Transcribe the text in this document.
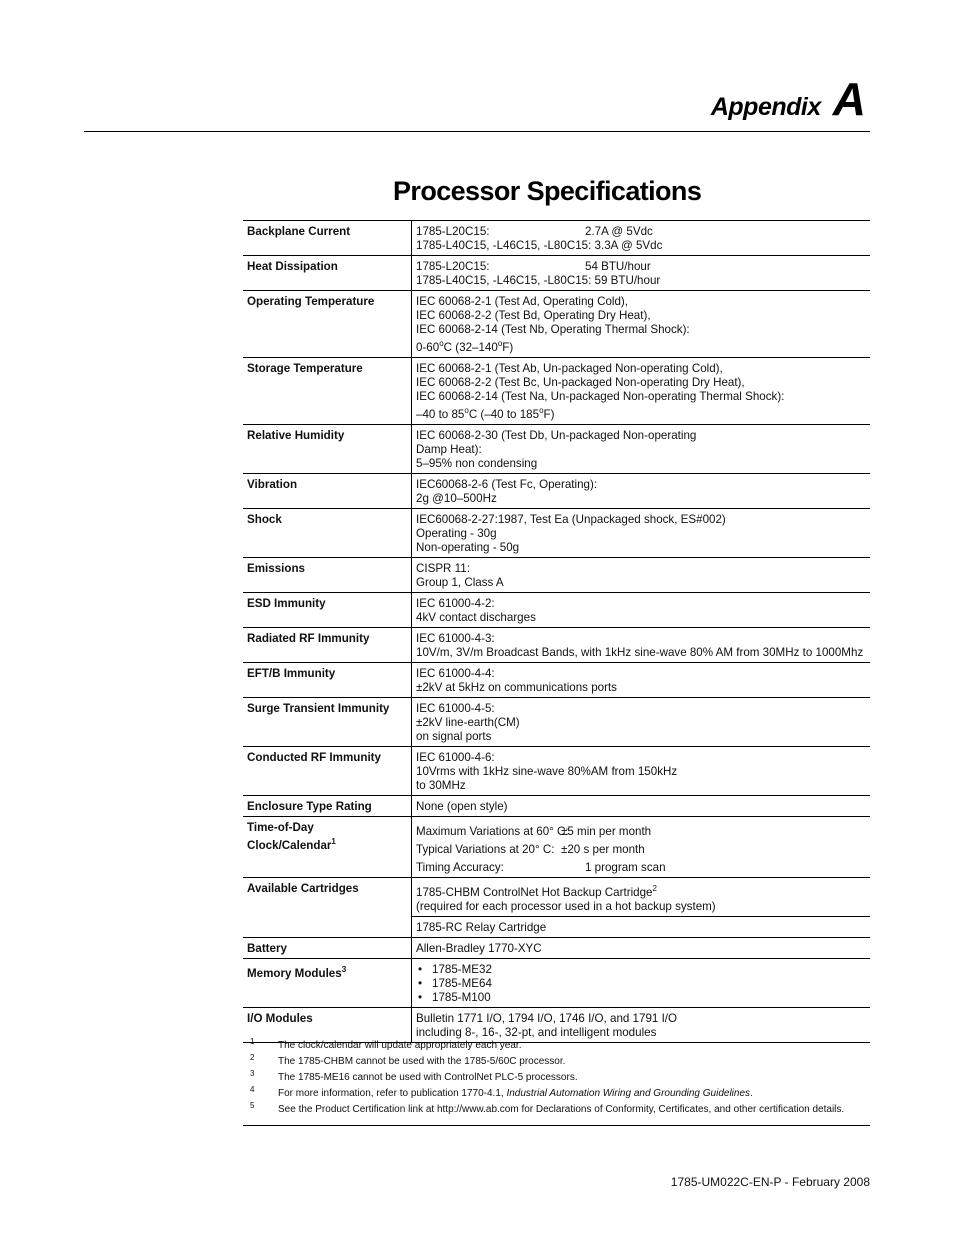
Appendix A
Processor Specifications
Backplane Current	1785-L20C15: 2.7A @ 5Vdc
1785-L40C15, -L46C15, -L80C15: 3.3A @ 5Vdc

Heat Dissipation	1785-L20C15: 54 BTU/hour
1785-L40C15, -L46C15, -L80C15: 59 BTU/hour

Operating Temperature	IEC 60068-2-1 (Test Ad, Operating Cold),
IEC 60068-2-2 (Test Bd, Operating Dry Heat),
IEC 60068-2-14 (Test Nb, Operating Thermal Shock):
0-60$^o$C (32–140$^o$F)

Storage Temperature	IEC 60068-2-1 (Test Ab, Un-packaged Non-operating Cold),
IEC 60068-2-2 (Test Bc, Un-packaged Non-operating Dry Heat),
IEC 60068-2-14 (Test Na, Un-packaged Non-operating Thermal Shock):
–40 to 85$^o$C (–40 to 185$^o$F)

Relative Humidity	IEC 60068-2-30 (Test Db, Un-packaged Non-operating
Damp Heat):
5–95% non condensing

Vibration	IEC60068-2-6 (Test Fc, Operating):
2g @10–500Hz

Shock	IEC60068-2-27:1987, Test Ea (Unpackaged shock, ES#002)
Operating - 30g
Non-operating - 50g

Emissions	CISPR 11:
Group 1, Class A

ESD Immunity	IEC 61000-4-2:
4kV contact discharges

Radiated RF Immunity	IEC 61000-4-3:
10V/m, 3V/m Broadcast Bands, with 1kHz sine-wave 80% AM from 30MHz to 1000Mhz

EFT/B Immunity	IEC 61000-4-4:
±2kV at 5kHz on communications ports

Surge Transient Immunity	IEC 61000-4-5:
±2kV line-earth(CM)
on signal ports

Conducted RF Immunity	IEC 61000-4-6:
10Vrms with 1kHz sine-wave 80%AM from 150kHz
to 30MHz

Enclosure Type Rating	None (open style)

Time-of-Day
Clock/Calendar$^1$	Maximum Variations at 60° C:±5 min per month
Typical Variations at 20° C: ±20 s per month
Timing Accuracy: 1 program scan

Available Cartridges	1785-CHBM ControlNet Hot Backup Cartridge$^2$
(required for each processor used in a hot backup system)

	1785-RC Relay Cartridge

Battery	Allen-Bradley 1770-XYC

Memory Modules$^3$	• 1785-ME32
• 1785-ME64
• 1785-M100

I/O Modules	Bulletin 1771 I/O, 1794 I/O, 1746 I/O, and 1791 I/O
including 8-, 16-, 32-pt, and intelligent modules
1	The clock/calendar will update appropriately each year.
2	The 1785-CHBM cannot be used with the 1785-5/60C processor.
3	The 1785-ME16 cannot be used with ControlNet PLC-5 processors.
4	For more information, refer to publication 1770-4.1, Industrial Automation Wiring and Grounding Guidelines.
5	See the Product Certification link at http://www.ab.com for Declarations of Conformity, Certificates, and other certification details.
1785-UM022C-EN-P - February 2008
